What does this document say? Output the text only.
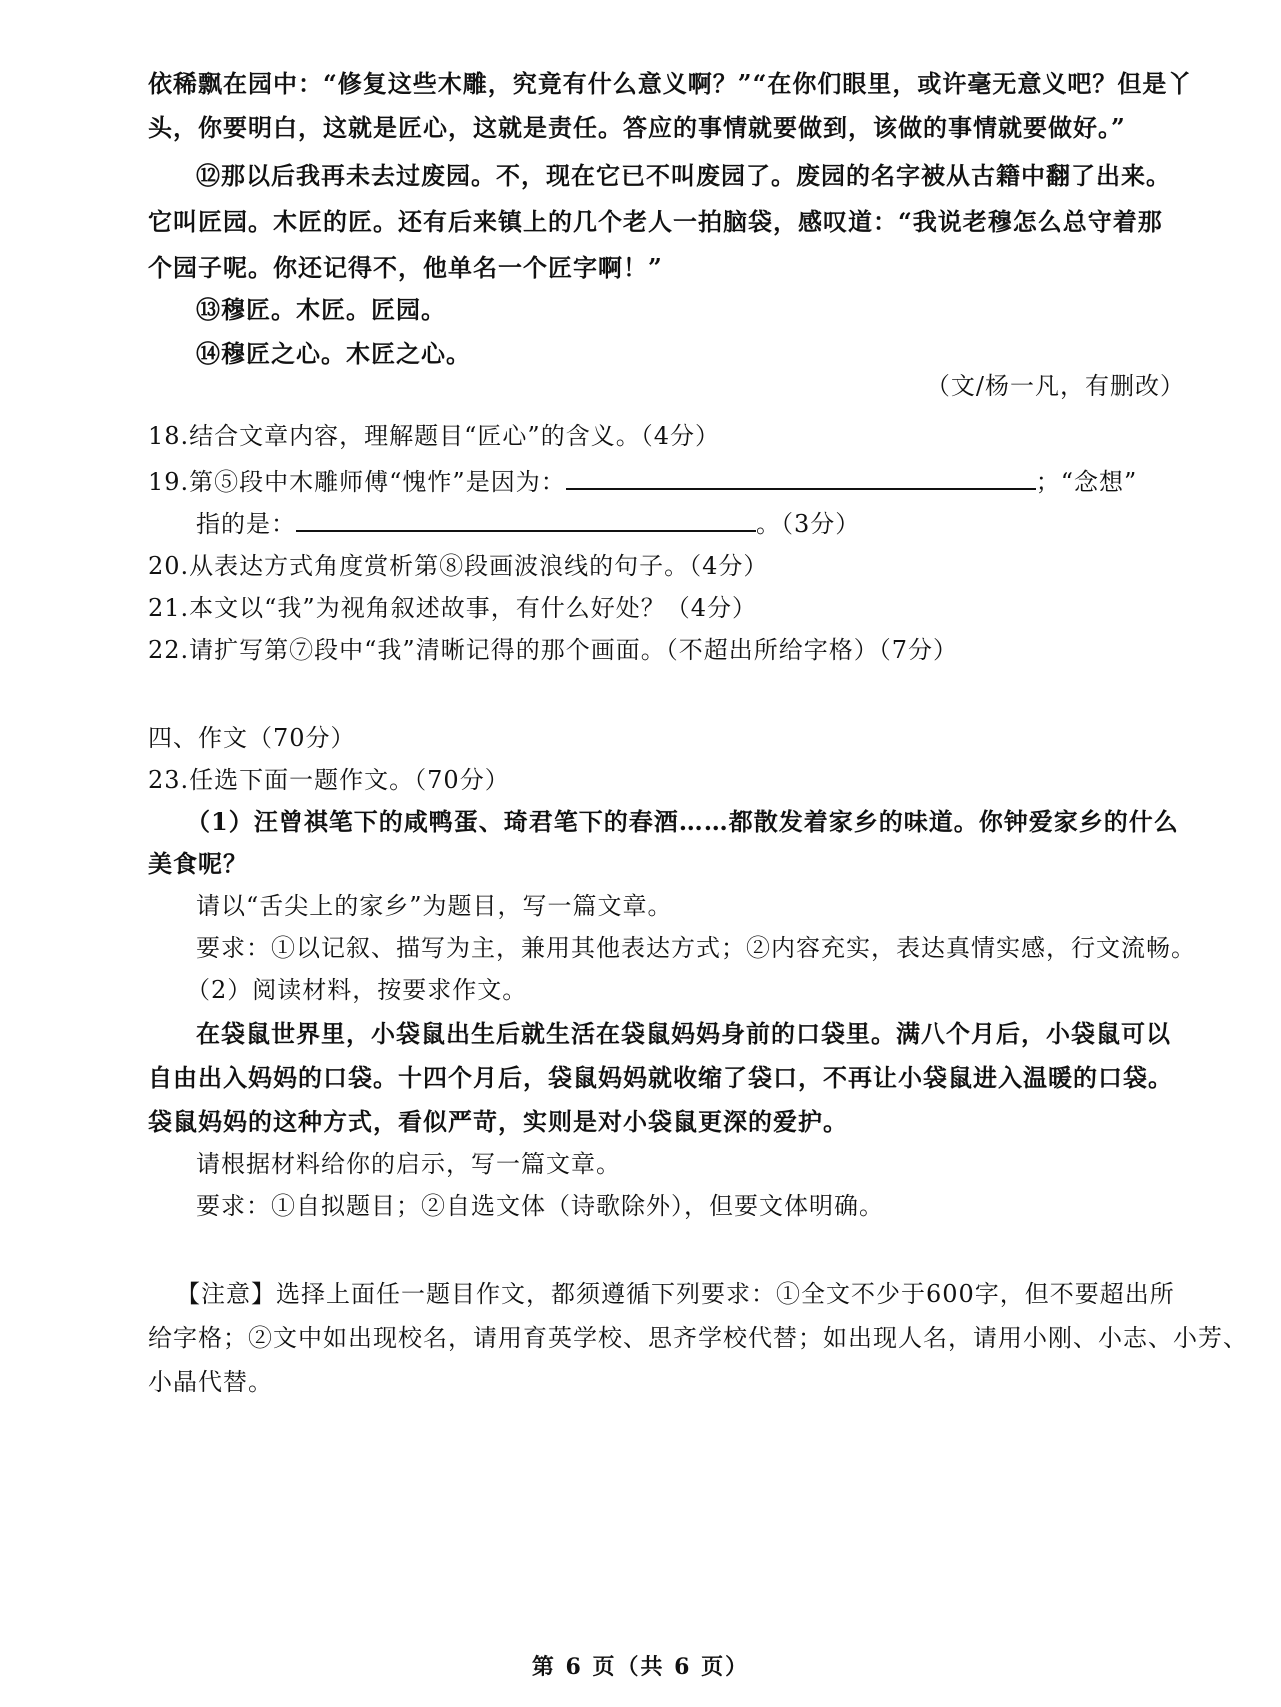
依稀飘在园中：“修复这些木雕，究竟有什么意义啊？”“在你们眼里，或许毫无意义吧？但是丫
头，你要明白，这就是匠心，这就是责任。答应的事情就要做到，该做的事情就要做好。”
⑫那以后我再未去过废园。不，现在它已不叫废园了。废园的名字被从古籍中翻了出来。
它叫匠园。木匠的匠。还有后来镇上的几个老人一拍脑袋，感叹道：“我说老穆怎么总守着那
个园子呢。你还记得不，他单名一个匠字啊！”
⑬穆匠。木匠。匠园。
⑭穆匠之心。木匠之心。
（文/杨一凡，有删改）
18.结合文章内容，理解题目“匠心”的含义。（4分）
19.第⑤段中木雕师傅“愧怍”是因为：	；“念想”
指的是：	。（3分）
20.从表达方式角度赏析第⑧段画波浪线的句子。（4分）
21.本文以“我”为视角叙述故事，有什么好处？（4分）
22.请扩写第⑦段中“我”清晰记得的那个画面。（不超出所给字格）（7分）
四、作文（70分）
23.任选下面一题作文。（70分）
（1）汪曾祺笔下的咸鸭蛋、琦君笔下的春酒……都散发着家乡的味道。你钟爱家乡的什么
美食呢？
请以“舌尖上的家乡”为题目，写一篇文章。
要求：①以记叙、描写为主，兼用其他表达方式；②内容充实，表达真情实感，行文流畅。
（2）阅读材料，按要求作文。
在袋鼠世界里，小袋鼠出生后就生活在袋鼠妈妈身前的口袋里。满八个月后，小袋鼠可以
自由出入妈妈的口袋。十四个月后，袋鼠妈妈就收缩了袋口，不再让小袋鼠进入温暖的口袋。
袋鼠妈妈的这种方式，看似严苛，实则是对小袋鼠更深的爱护。
请根据材料给你的启示，写一篇文章。
要求：①自拟题目；②自选文体（诗歌除外），但要文体明确。
【注意】选择上面任一题目作文，都须遵循下列要求：①全文不少于600字，但不要超出所
给字格；②文中如出现校名，请用育英学校、思齐学校代替；如出现人名，请用小刚、小志、小芳、
小晶代替。
第 6 页（共 6 页）
